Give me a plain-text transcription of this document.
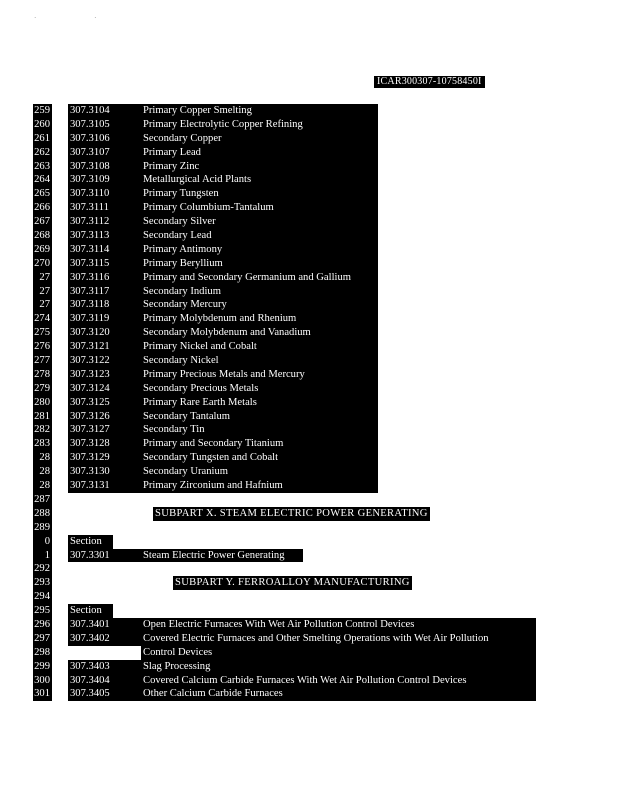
· ·
ICAR300307-10758450I
259 307.3104	Primary Copper Smelting
260 307.3105	Primary Electrolytic Copper Refining
261 307.3106	Secondary Copper
262 307.3107	Primary Lead
263 307.3108	Primary Zinc
264 307.3109	Metallurgical Acid Plants
265 307.3110	Primary Tungsten
266 307.3111	Primary Columbium-Tantalum
267 307.3112	Secondary Silver
268 307.3113	Secondary Lead
269 307.3114	Primary Antimony
270 307.3115	Primary Beryllium
27 307.3116	Primary and Secondary Germanium and Gallium
27 307.3117	Secondary Indium
27 307.3118	Secondary Mercury
274 307.3119	Primary Molybdenum and Rhenium
275 307.3120	Secondary Molybdenum and Vanadium
276 307.3121	Primary Nickel and Cobalt
277 307.3122	Secondary Nickel
278 307.3123	Primary Precious Metals and Mercury
279 307.3124	Secondary Precious Metals
280 307.3125	Primary Rare Earth Metals
281 307.3126	Secondary Tantalum
282 307.3127	Secondary Tin
283 307.3128	Primary and Secondary Titanium
28 307.3129	Secondary Tungsten and Cobalt
28 307.3130	Secondary Uranium
28 307.3131	Primary Zirconium and Hafnium
287
288	SUBPART X. STEAM ELECTRIC POWER GENERATING
289
0 Section
1 307.3301	Steam Electric Power Generating
292
293	SUBPART Y. FERROALLOY MANUFACTURING
294
295 Section
296 307.3401	Open Electric Furnaces With Wet Air Pollution Control Devices
297 307.3402	Covered Electric Furnaces and Other Smelting Operations with Wet Air Pollution
298	Control Devices
299 307.3403	Slag Processing
300 307.3404	Covered Calcium Carbide Furnaces With Wet Air Pollution Control Devices
301 307.3405	Other Calcium Carbide Furnaces
